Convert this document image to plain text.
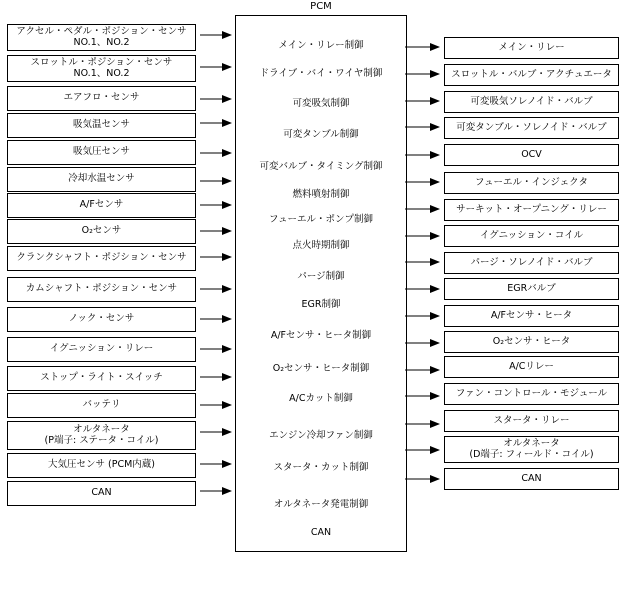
PCM
メイン・リレー制御
ドライブ・バイ・ワイヤ制御
可変吸気制御
可変タンブル制御
可変バルブ・タイミング制御
燃料噴射制御
フューエル・ポンプ制御
点火時期制御
パージ制御
EGR制御
A/Fセンサ・ヒータ制御
O₂センサ・ヒータ制御
A/Cカット制御
エンジン冷却ファン制御
スタータ・カット制御
オルタネータ発電制御
CAN
アクセル・ペダル・ポジション・センサ
NO.1、NO.2
スロットル・ポジション・センサ
NO.1、NO.2
エアフロ・センサ
吸気温センサ
吸気圧センサ
冷却水温センサ
A/Fセンサ
O₂センサ
クランクシャフト・ポジション・センサ
カムシャフト・ポジション・センサ
ノック・センサ
イグニッション・リレー
ストップ・ライト・スイッチ
バッテリ
オルタネータ
(P端子: ステータ・コイル)
大気圧センサ (PCM内蔵)
CAN
メイン・リレー
スロットル・バルブ・アクチュエータ
可変吸気ソレノイド・バルブ
可変タンブル・ソレノイド・バルブ
OCV
フューエル・インジェクタ
サーキット・オープニング・リレー
イグニッション・コイル
パージ・ソレノイド・バルブ
EGRバルブ
A/Fセンサ・ヒータ
O₂センサ・ヒータ
A/Cリレー
ファン・コントロール・モジュール
スタータ・リレー
オルタネータ
(D端子: フィールド・コイル)
CAN
